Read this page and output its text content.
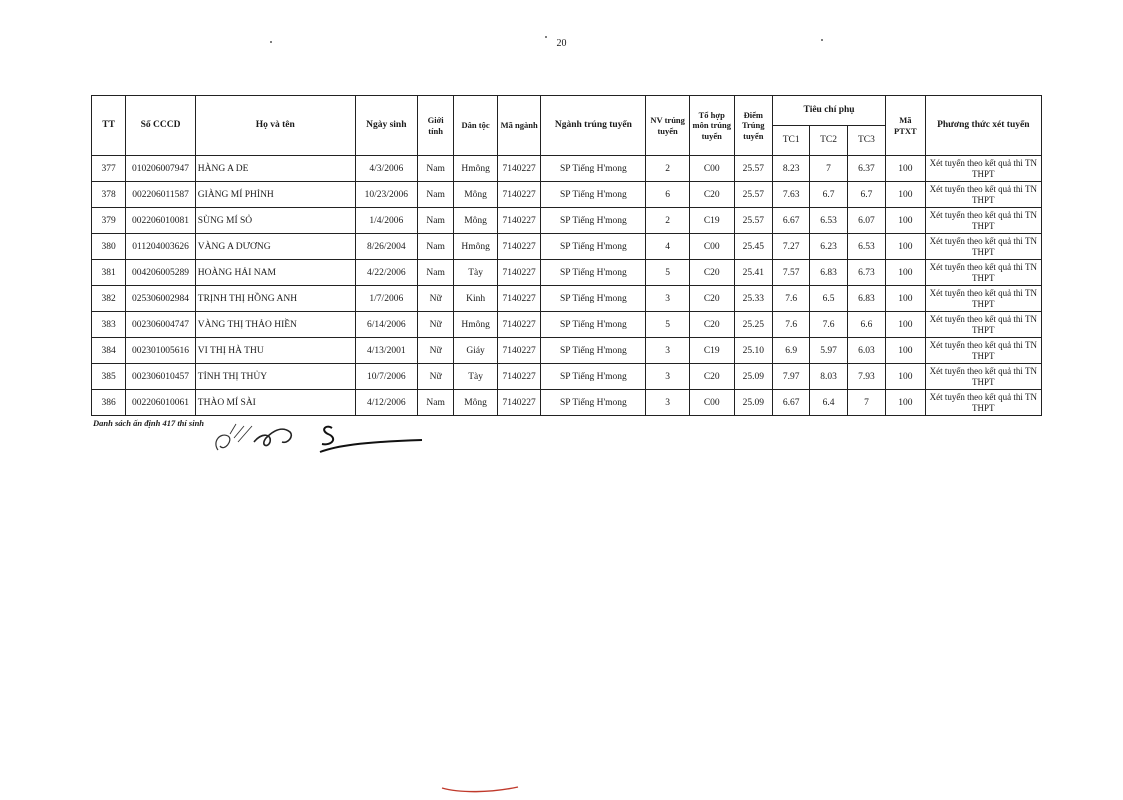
20
TT	Số CCCD	Họ và tên	Ngày sinh	Giới tính	Dân tộc	Mã ngành	Ngành trúng tuyển	NV trúng tuyển	Tổ hợp môn trúng tuyển	Điểm Trúng tuyển	Tiêu chí phụ			Mã PTXT	Phương thức xét tuyển
											TC1	TC2	TC3		
377	010206007947	HÀNG A DE	4/3/2006	Nam	Hmông	7140227	SP Tiếng H'mong	2	C00	25.57	8.23	7	6.37	100	Xét tuyển theo kết quả thi TN THPT
378	002206011587	GIÀNG MÍ PHỈNH	10/23/2006	Nam	Mông	7140227	SP Tiếng H'mong	6	C20	25.57	7.63	6.7	6.7	100	Xét tuyển theo kết quả thi TN THPT
379	002206010081	SÙNG MÍ SỎ	1/4/2006	Nam	Mông	7140227	SP Tiếng H'mong	2	C19	25.57	6.67	6.53	6.07	100	Xét tuyển theo kết quả thi TN THPT
380	011204003626	VÀNG A DƯƠNG	8/26/2004	Nam	Hmông	7140227	SP Tiếng H'mong	4	C00	25.45	7.27	6.23	6.53	100	Xét tuyển theo kết quả thi TN THPT
381	004206005289	HOÀNG HẢI NAM	4/22/2006	Nam	Tày	7140227	SP Tiếng H'mong	5	C20	25.41	7.57	6.83	6.73	100	Xét tuyển theo kết quả thi TN THPT
382	025306002984	TRỊNH THỊ HỒNG ANH	1/7/2006	Nữ	Kinh	7140227	SP Tiếng H'mong	3	C20	25.33	7.6	6.5	6.83	100	Xét tuyển theo kết quả thi TN THPT
383	002306004747	VÀNG THỊ THẢO HIỀN	6/14/2006	Nữ	Hmông	7140227	SP Tiếng H'mong	5	C20	25.25	7.6	7.6	6.6	100	Xét tuyển theo kết quả thi TN THPT
384	002301005616	VI THỊ HÀ THU	4/13/2001	Nữ	Giáy	7140227	SP Tiếng H'mong	3	C19	25.10	6.9	5.97	6.03	100	Xét tuyển theo kết quả thi TN THPT
385	002306010457	TỈNH THỊ THỦY	10/7/2006	Nữ	Tày	7140227	SP Tiếng H'mong	3	C20	25.09	7.97	8.03	7.93	100	Xét tuyển theo kết quả thi TN THPT
386	002206010061	THÀO MÍ SÀI	4/12/2006	Nam	Mông	7140227	SP Tiếng H'mong	3	C00	25.09	6.67	6.4	7	100	Xét tuyển theo kết quả thi TN THPT
Danh sách ấn định 417 thí sinh
